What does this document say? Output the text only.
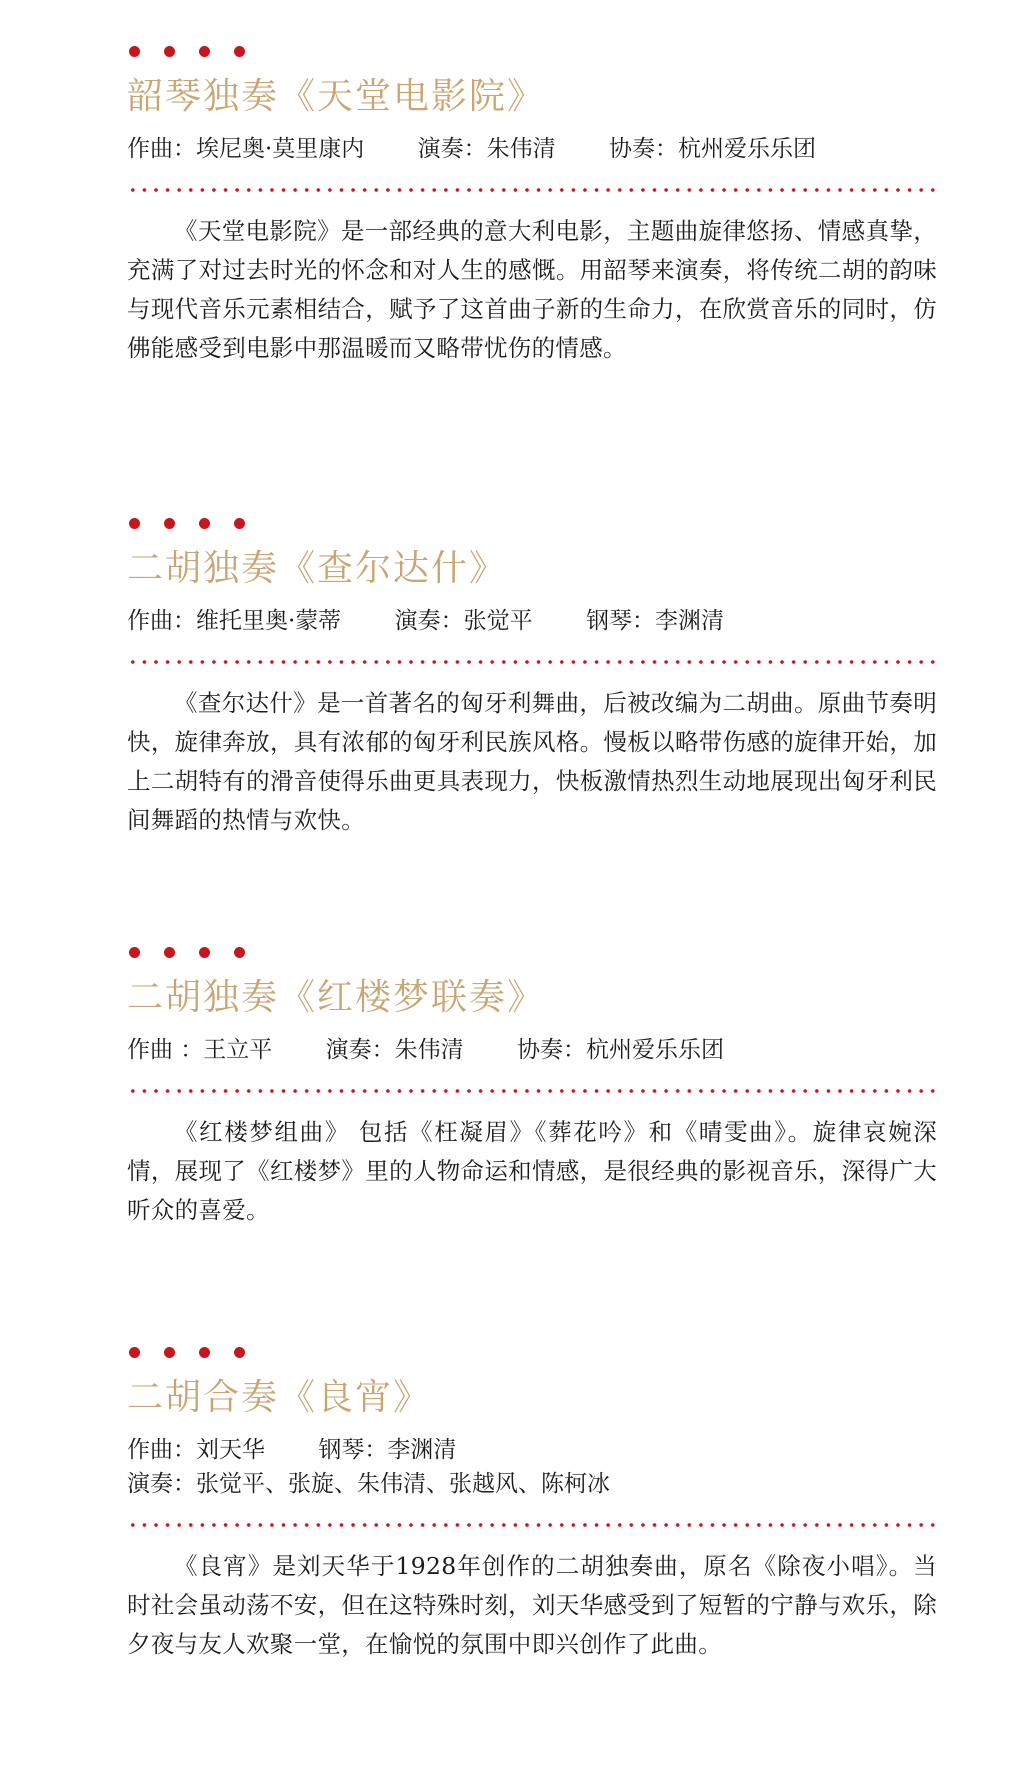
韶琴独奏《天堂电影院》
作曲：埃尼奥·莫里康内 演奏：朱伟清 协奏：杭州爱乐乐团

《天堂电影院》是一部经典的意大利电影，主题曲旋律悠扬、情感真挚，充满了对过去时光的怀念和对人生的感慨。用韶琴来演奏，将传统二胡的韵味与现代音乐元素相结合，赋予了这首曲子新的生命力，在欣赏音乐的同时，仿佛能感受到电影中那温暖而又略带忧伤的情感。

二胡独奏《查尔达什》
作曲：维托里奥·蒙蒂 演奏：张觉平 钢琴：李渊清

《查尔达什》是一首著名的匈牙利舞曲，后被改编为二胡曲。原曲节奏明快，旋律奔放，具有浓郁的匈牙利民族风格。慢板以略带伤感的旋律开始，加上二胡特有的滑音使得乐曲更具表现力，快板激情热烈生动地展现出匈牙利民间舞蹈的热情与欢快。

二胡独奏《红楼梦联奏》
作曲 ：王立平 演奏：朱伟清 协奏：杭州爱乐乐团

《红楼梦组曲》 包括《枉凝眉》《葬花吟》和《晴雯曲》。旋律哀婉深情，展现了《红楼梦》里的人物命运和情感，是很经典的影视音乐，深得广大听众的喜爱。

二胡合奏《良宵》
作曲：刘天华 钢琴：李渊清
演奏：张觉平、张旋、朱伟清、张越风、陈柯冰

《良宵》是刘天华于1928年创作的二胡独奏曲，原名《除夜小唱》。当时社会虽动荡不安，但在这特殊时刻，刘天华感受到了短暂的宁静与欢乐，除夕夜与友人欢聚一堂，在愉悦的氛围中即兴创作了此曲。
